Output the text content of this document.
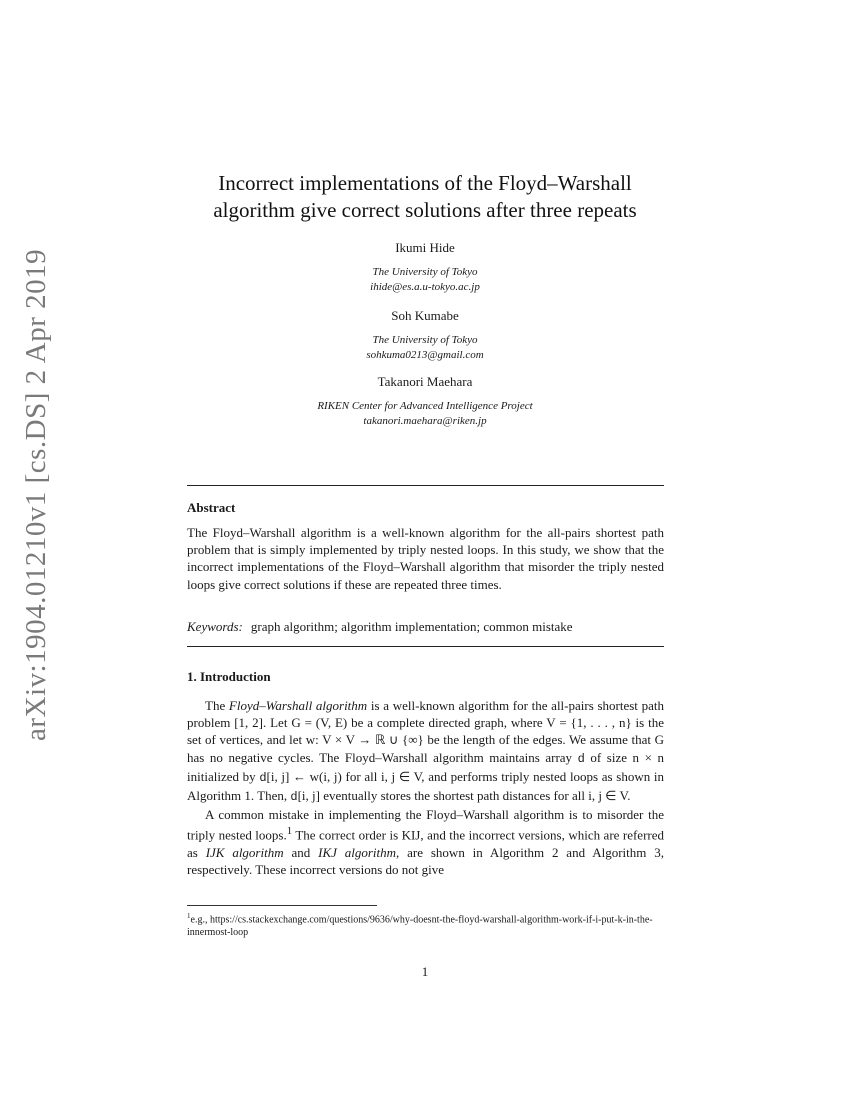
arXiv:1904.01210v1 [cs.DS] 2 Apr 2019
Incorrect implementations of the Floyd–Warshall
algorithm give correct solutions after three repeats
Ikumi Hide
The University of Tokyo
ihide@es.a.u-tokyo.ac.jp
Soh Kumabe
The University of Tokyo
sohkuma0213@gmail.com
Takanori Maehara
RIKEN Center for Advanced Intelligence Project
takanori.maehara@riken.jp
Abstract
The Floyd–Warshall algorithm is a well-known algorithm for the all-pairs shortest path problem that is simply implemented by triply nested loops. In this study, we show that the incorrect implementations of the Floyd–Warshall algorithm that misorder the triply nested loops give correct solutions if these are repeated three times.
Keywords: graph algorithm; algorithm implementation; common mistake
1. Introduction

The Floyd–Warshall algorithm is a well-known algorithm for the all-pairs shortest path problem [1, 2]. Let G = (V, E) be a complete directed graph, where V = {1, . . . , n} is the set of vertices, and let w: V × V → ℝ ∪ {∞} be the length of the edges. We assume that G has no negative cycles. The Floyd–Warshall algorithm maintains array d of size n × n initialized by d[i, j] ← w(i, j) for all i, j ∈ V, and performs triply nested loops as shown in Algorithm 1. Then, d[i, j] eventually stores the shortest path distances for all i, j ∈ V.

A common mistake in implementing the Floyd–Warshall algorithm is to misorder the triply nested loops.$^1$ The correct order is KIJ, and the incorrect versions, which are referred as IJK algorithm and IKJ algorithm, are shown in Algorithm 2 and Algorithm 3, respectively. These incorrect versions do not give

$^1$e.g., https://cs.stackexchange.com/questions/9636/why-doesnt-the-floyd-warshall-algorithm-work-if-i-put-k-in-the-innermost-loop
1
